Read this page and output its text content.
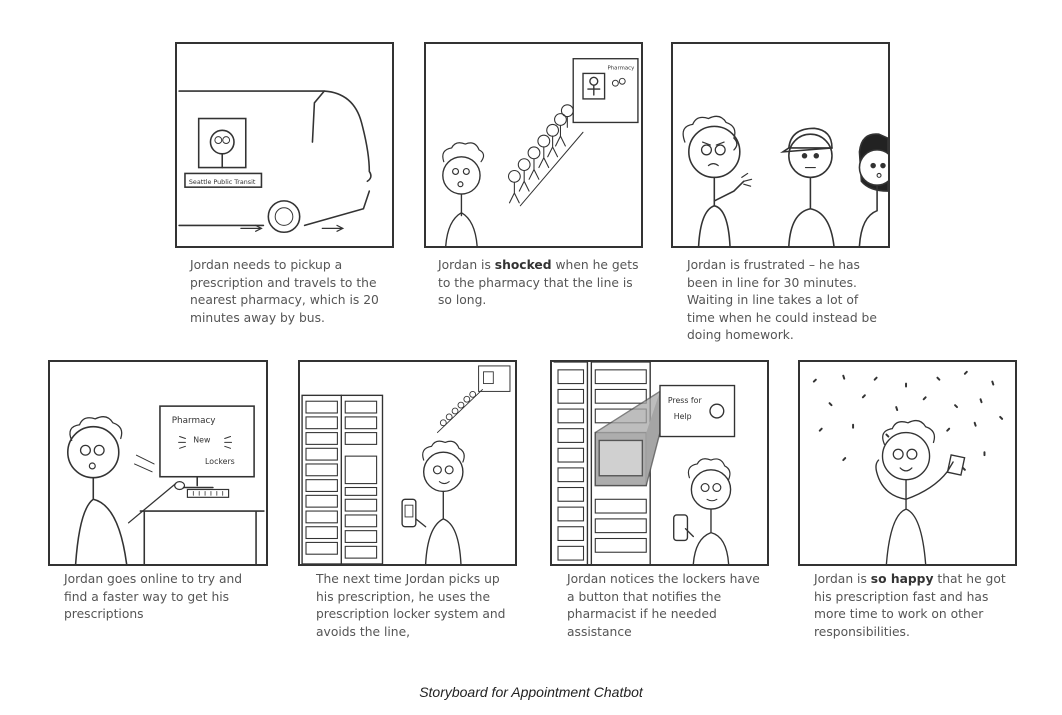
Seattle Public Transit
Jordan needs to pickup a prescription and travels to the nearest pharmacy, which is 20 minutes away by bus.
Pharmacy
Jordan is shocked when he gets to the pharmacy that the line is so long.
Jordan is frustrated – he has been in line for 30 minutes. Waiting in line takes a lot of time when he could instead be doing homework.
Pharmacy
New
Lockers
Jordan goes online to try and find a faster way to get his prescriptions
The next time Jordan picks up his prescription, he uses the prescription locker system and avoids the line,
Press for
Help
Jordan notices the lockers have a button that notifies the pharmacist if he needed assistance
Jordan is so happy that he got his prescription fast and has more time to work on other responsibilities.
Storyboard for Appointment Chatbot
